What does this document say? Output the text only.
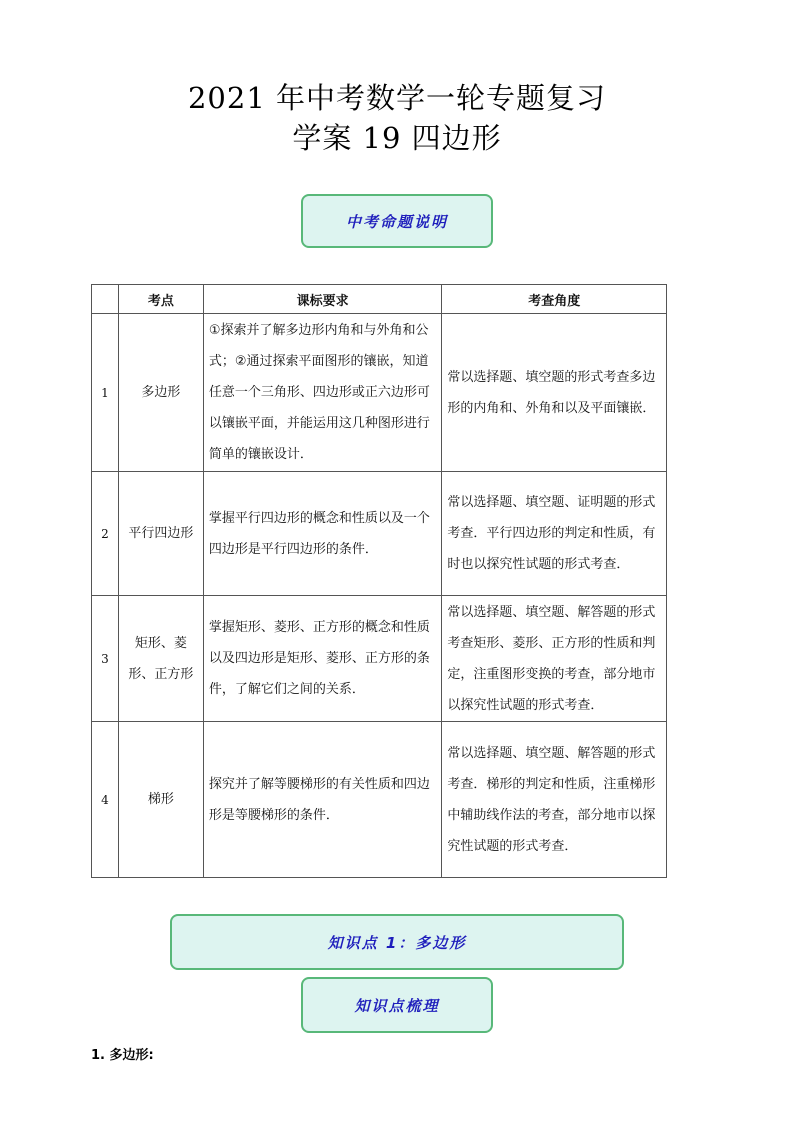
2021 年中考数学一轮专题复习
学案 19 四边形
中考命题说明
	考点	课标要求	考查角度
1	多边形	①探索并了解多边形内角和与外角和公式；②通过探索平面图形的镶嵌，知道任意一个三角形、四边形或正六边形可以镶嵌平面，并能运用这几种图形进行简单的镶嵌设计．	常以选择题、填空题的形式考查多边形的内角和、外角和以及平面镶嵌．
2	平行四边形	掌握平行四边形的概念和性质以及一个四边形是平行四边形的条件．	常以选择题、填空题、证明题的形式考查．平行四边形的判定和性质，有时也以探究性试题的形式考查．
3	矩形、菱形、正方形	掌握矩形、菱形、正方形的概念和性质以及四边形是矩形、菱形、正方形的条件，了解它们之间的关系．	常以选择题、填空题、解答题的形式考查矩形、菱形、正方形的性质和判定，注重图形变换的考查，部分地市以探究性试题的形式考查．
4	梯形	探究并了解等腰梯形的有关性质和四边形是等腰梯形的条件．	常以选择题、填空题、解答题的形式考查．梯形的判定和性质，注重梯形中辅助线作法的考查，部分地市以探究性试题的形式考查．
知识点 1：多边形
知识点梳理
1. 多边形:
